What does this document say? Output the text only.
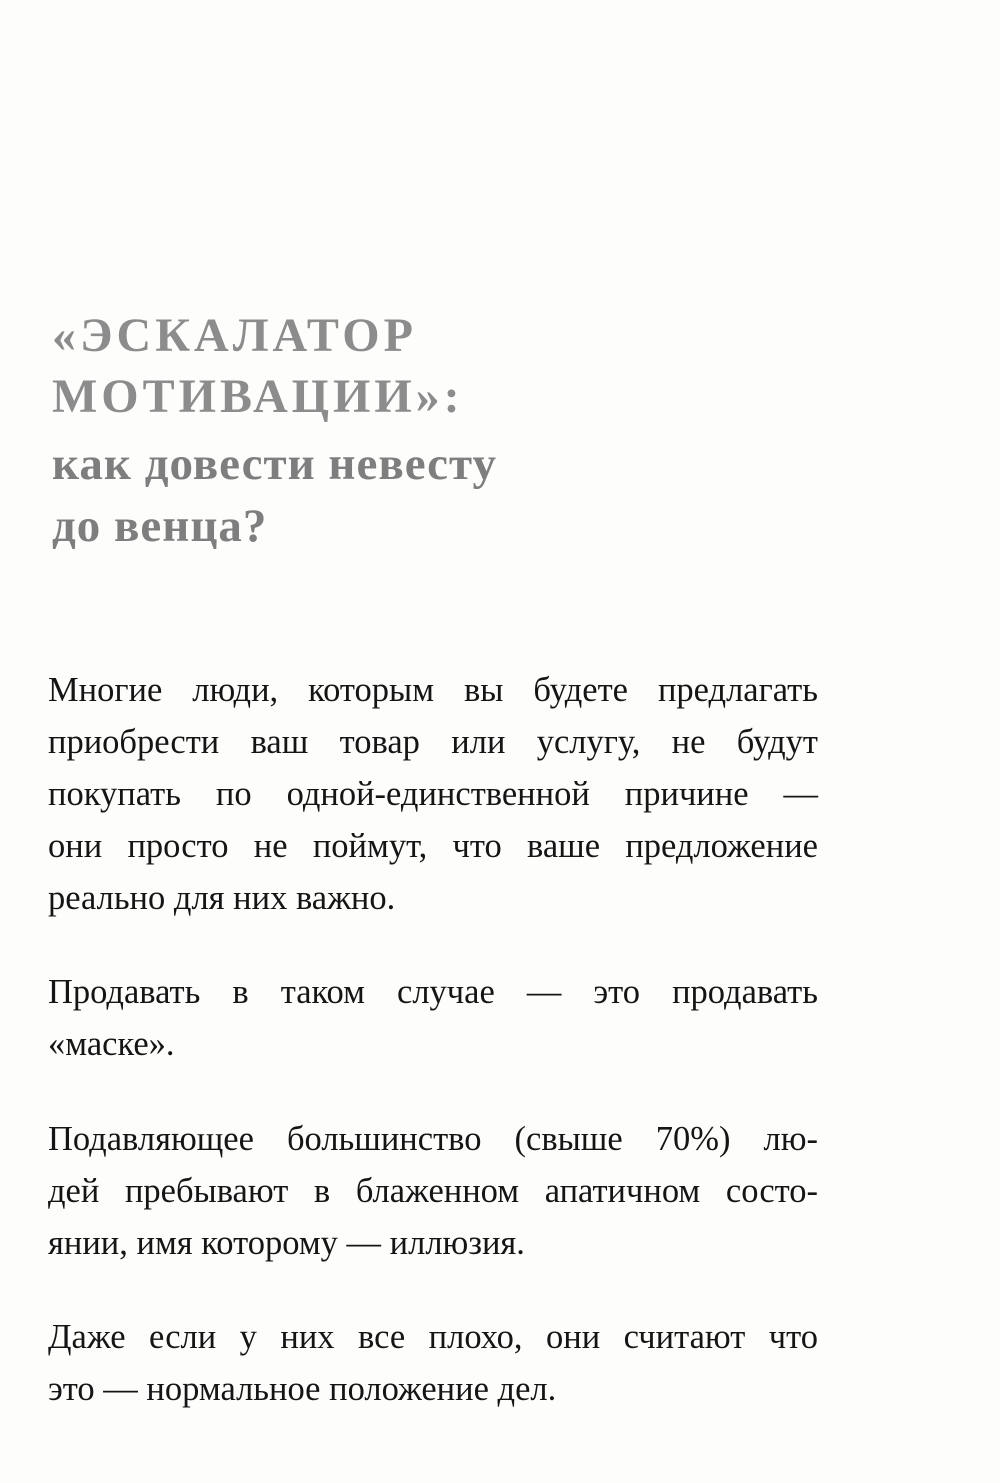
«ЭСКАЛАТОР
МОТИВАЦИИ»:
как довести невесту
до венца?

Многие люди, которым вы будете предлагать
приобрести ваш товар или услугу, не будут
покупать по одной-единственной причине —
они просто не поймут, что ваше предложение
реально для них важно.

Продавать в таком случае — это продавать
«маске».

Подавляющее большинство (свыше 70%) лю-
дей пребывают в блаженном апатичном состо-
янии, имя которому — иллюзия.

Даже если у них все плохо, они считают что
это — нормальное положение дел.
